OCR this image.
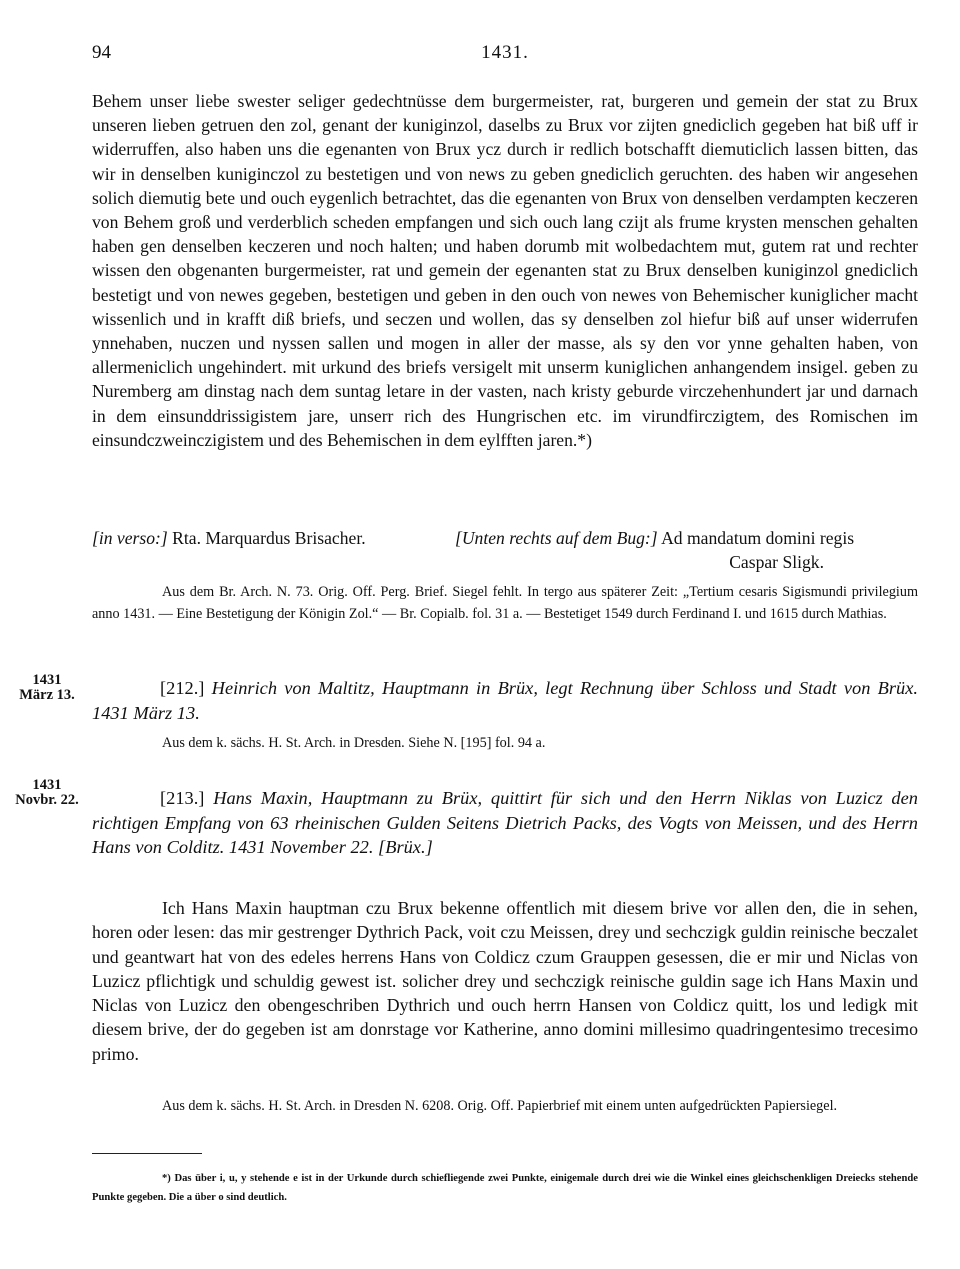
94	1431.

Behem unser liebe swester seliger gedechtnüsse dem burgermeister, rat, burgeren und gemein der stat zu Brux unseren lieben getruen den zol, genant der kuniginzol, daselbs zu Brux vor zijten gnediclich gegeben hat biß uff ir widerruffen, also haben uns die egenanten von Brux ycz durch ir redlich botschafft diemuticlich lassen bitten, das wir in denselben kuniginczol zu bestetigen und von news zu geben gnediclich geruchten. des haben wir angesehen solich diemutig bete und ouch eygenlich betrachtet, das die egenanten von Brux von denselben verdampten keczeren von Behem groß und verderblich scheden empfangen und sich ouch lang czijt als frume krysten menschen gehalten haben gen denselben keczeren und noch halten; und haben dorumb mit wolbedachtem mut, gutem rat und rechter wissen den obgenanten burgermeister, rat und gemein der egenanten stat zu Brux denselben kuniginzol gnediclich bestetigt und von newes gegeben, bestetigen und geben in den ouch von newes von Behemischer kuniglicher macht wissenlich und in krafft diß briefs, und seczen und wollen, das sy denselben zol hiefur biß auf unser widerrufen ynnehaben, nuczen und nyssen sallen und mogen in aller der masse, als sy den vor ynne gehalten haben, von allermeniclich ungehindert. mit urkund des briefs versigelt mit unserm kuniglichen anhangendem insigel. geben zu Nuremberg am dinstag nach dem suntag letare in der vasten, nach kristy geburde virczehenhundert jar und darnach in dem einsunddrissigistem jare, unserr rich des Hungrischen etc. im virundfirczigtem, des Romischen im einsundczweinczigistem und des Behemischen in dem eylfften jaren.*)

[in verso:] Rta. Marquardus Brisacher.	[Unten rechts auf dem Bug:] Ad mandatum domini regis
Caspar Sligk.

Aus dem Br. Arch. N. 73. Orig. Off. Perg. Brief. Siegel fehlt. In tergo aus späterer Zeit: „Tertium cesaris Sigismundi privilegium anno 1431. — Eine Bestetigung der Königin Zol.“ — Br. Copialb. fol. 31 a. — Bestetiget 1549 durch Ferdinand I. und 1615 durch Mathias.

1431
März 13.	[212.] Heinrich von Maltitz, Hauptmann in Brüx, legt Rechnung über Schloss und Stadt von Brüx. 1431 März 13.

Aus dem k. sächs. H. St. Arch. in Dresden. Siehe N. [195] fol. 94 a.
1431
Novbr. 22.	[213.] Hans Maxin, Hauptmann zu Brüx, quittirt für sich und den Herrn Niklas von Luzicz den richtigen Empfang von 63 rheinischen Gulden Seitens Dietrich Packs, des Vogts von Meissen, und des Herrn Hans von Colditz. 1431 November 22. [Brüx.]

Ich Hans Maxin hauptman czu Brux bekenne offentlich mit diesem brive vor allen den, die in sehen, horen oder lesen: das mir gestrenger Dythrich Pack, voit czu Meissen, drey und sechczigk guldin reinische beczalet und geantwart hat von des edeles herrens Hans von Coldicz czum Grauppen gesessen, die er mir und Niclas von Luzicz pflichtigk und schuldig gewest ist. solicher drey und sechczigk reinische guldin sage ich Hans Maxin und Niclas von Luzicz den obengeschriben Dythrich und ouch herrn Hansen von Coldicz quitt, los und ledigk mit diesem brive, der do gegeben ist am donrstage vor Katherine, anno domini millesimo quadringentesimo trecesimo primo.

Aus dem k. sächs. H. St. Arch. in Dresden N. 6208. Orig. Off. Papierbrief mit einem unten aufgedrückten Papiersiegel.

*) Das über i, u, y stehende e ist in der Urkunde durch schiefliegende zwei Punkte, einigemale durch drei wie die Winkel eines gleichschenkligen Dreiecks stehende Punkte gegeben. Die a über o sind deutlich.
